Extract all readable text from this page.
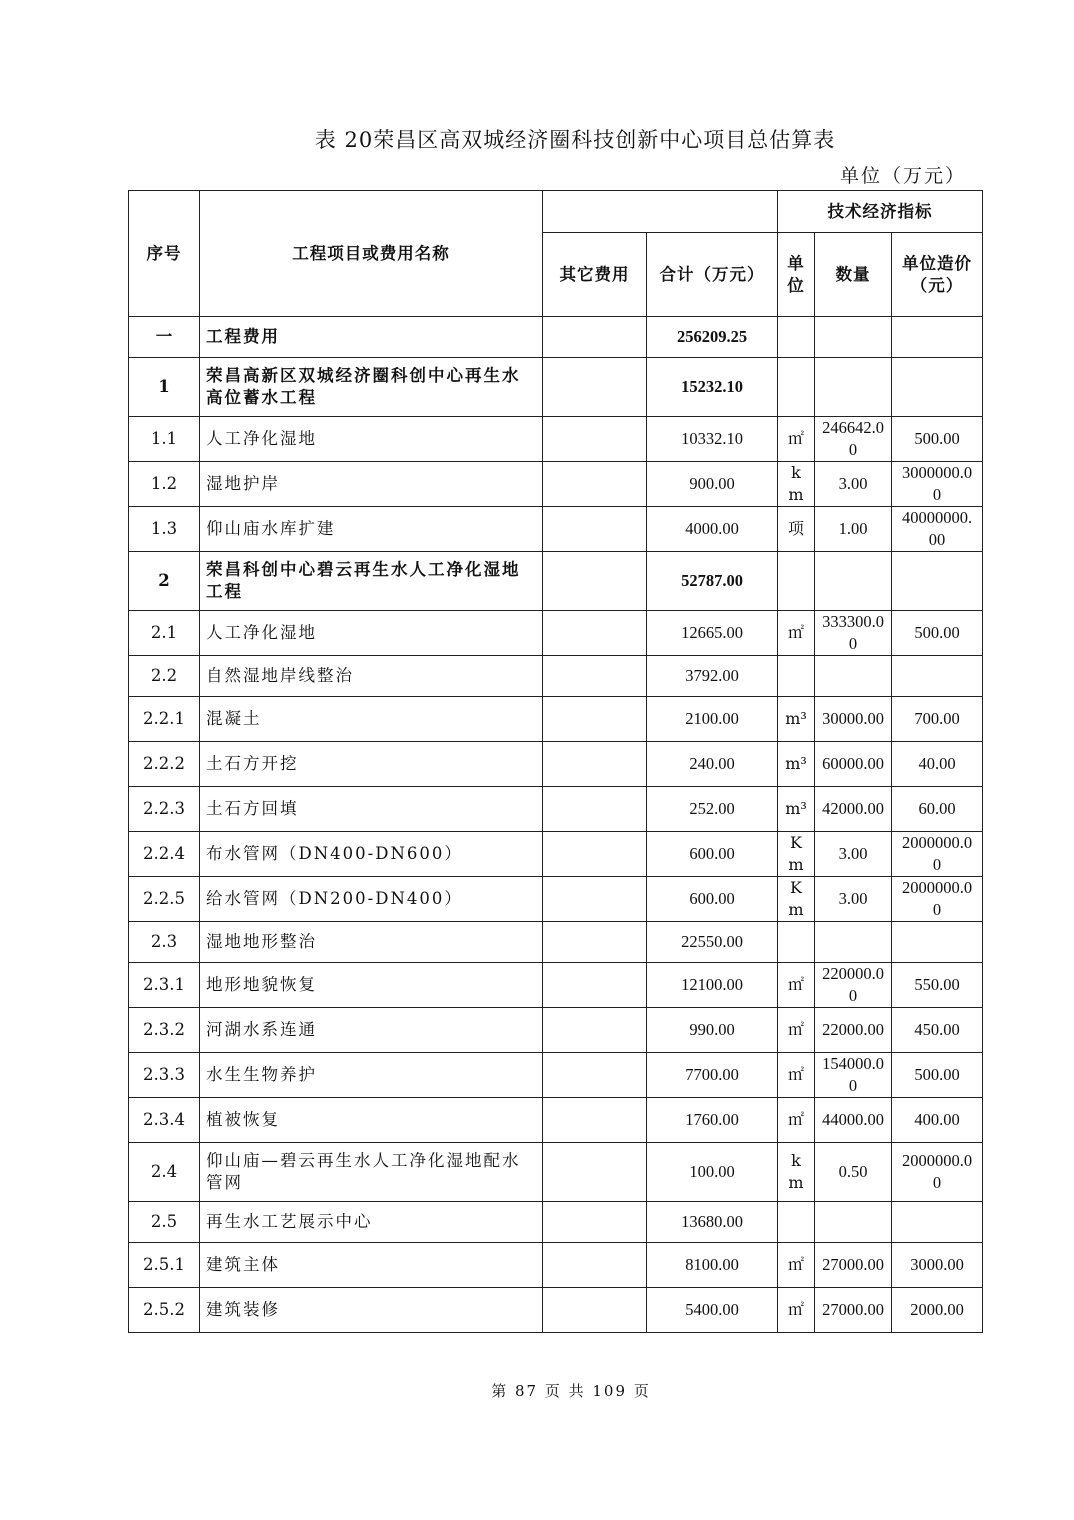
表 20荣昌区高双城经济圈科技创新中心项目总估算表
单位（万元）
序号	工程项目或费用名称			技术经济指标		
		其它费用	合计（万元）	单位	数量	单位造价（元）
一	工程费用		256209.25			
1	荣昌高新区双城经济圈科创中心再生水高位蓄水工程		15232.10			
1.1	人工净化湿地		10332.10	㎡	246642.00	500.00
1.2	湿地护岸		900.00	km	3.00	3000000.00
1.3	仰山庙水库扩建		4000.00	项	1.00	40000000.00
2	荣昌科创中心碧云再生水人工净化湿地工程		52787.00			
2.1	人工净化湿地		12665.00	㎡	333300.00	500.00
2.2	自然湿地岸线整治		3792.00			
2.2.1	混凝土		2100.00	m³	30000.00	700.00
2.2.2	土石方开挖		240.00	m³	60000.00	40.00
2.2.3	土石方回填		252.00	m³	42000.00	60.00
2.2.4	布水管网（DN400-DN600）		600.00	Km	3.00	2000000.00
2.2.5	给水管网（DN200-DN400）		600.00	Km	3.00	2000000.00
2.3	湿地地形整治		22550.00			
2.3.1	地形地貌恢复		12100.00	㎡	220000.00	550.00
2.3.2	河湖水系连通		990.00	㎡	22000.00	450.00
2.3.3	水生生物养护		7700.00	㎡	154000.00	500.00
2.3.4	植被恢复		1760.00	㎡	44000.00	400.00
2.4	仰山庙—碧云再生水人工净化湿地配水管网		100.00	km	0.50	2000000.00
2.5	再生水工艺展示中心		13680.00			
2.5.1	建筑主体		8100.00	㎡	27000.00	3000.00
2.5.2	建筑装修		5400.00	㎡	27000.00	2000.00
第 87 页 共 109 页
